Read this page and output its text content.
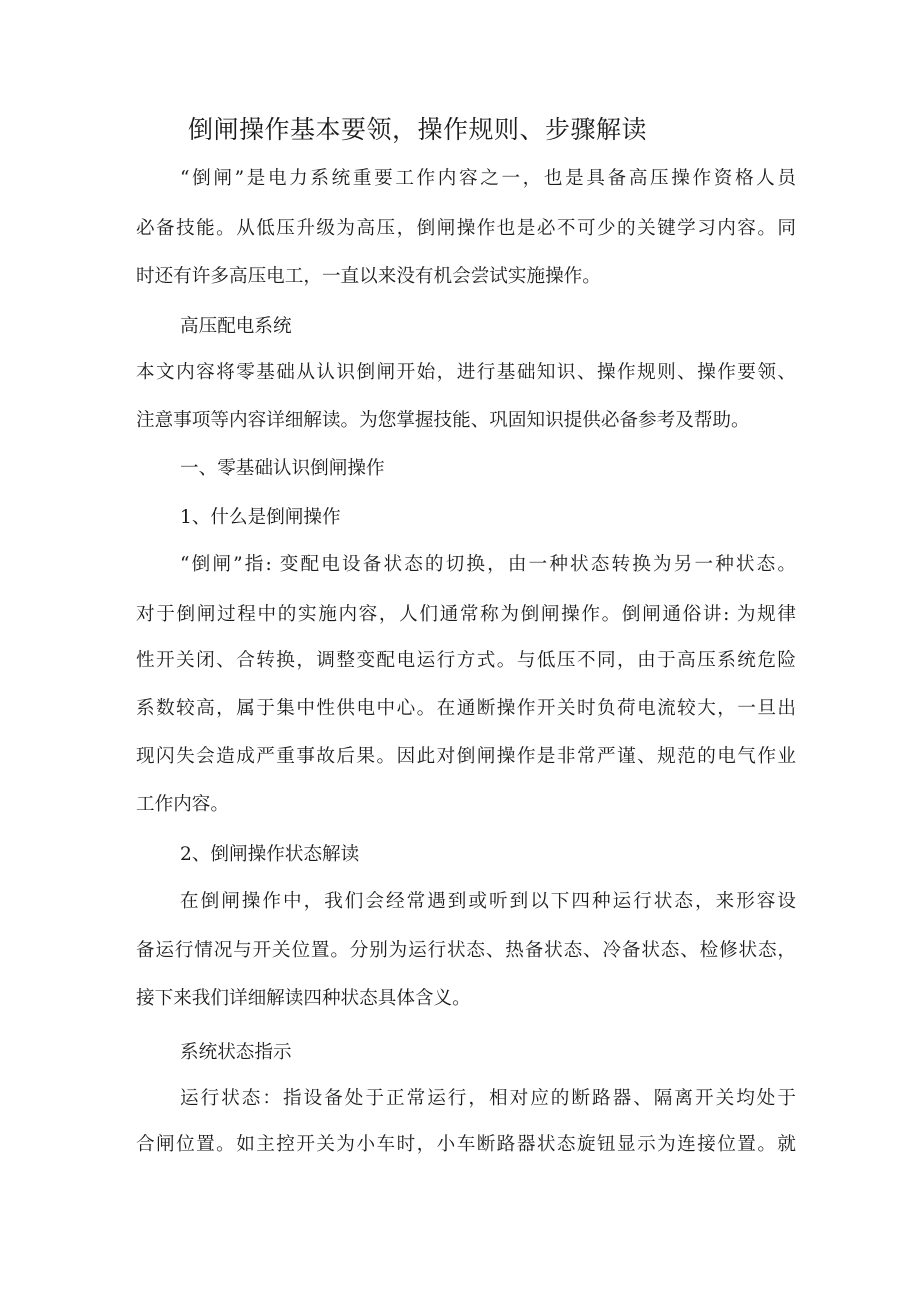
倒闸操作基本要领，操作规则、步骤解读
“倒闸”是电力系统重要工作内容之一，也是具备高压操作资格人员
必备技能。从低压升级为高压，倒闸操作也是必不可少的关键学习内容。同
时还有许多高压电工，一直以来没有机会尝试实施操作。
高压配电系统
本文内容将零基础从认识倒闸开始，进行基础知识、操作规则、操作要领、
注意事项等内容详细解读。为您掌握技能、巩固知识提供必备参考及帮助。
一、零基础认识倒闸操作
1、什么是倒闸操作
“倒闸”指: 变配电设备状态的切换，由一种状态转换为另一种状态。
对于倒闸过程中的实施内容，人们通常称为倒闸操作。倒闸通俗讲: 为规律
性开关闭、合转换，调整变配电运行方式。与低压不同，由于高压系统危险
系数较高，属于集中性供电中心。在通断操作开关时负荷电流较大，一旦出
现闪失会造成严重事故后果。因此对倒闸操作是非常严谨、规范的电气作业
工作内容。
2、倒闸操作状态解读
在倒闸操作中，我们会经常遇到或听到以下四种运行状态，来形容设
备运行情况与开关位置。分别为运行状态、热备状态、冷备状态、检修状态，
接下来我们详细解读四种状态具体含义。
系统状态指示
运行状态：指设备处于正常运行，相对应的断路器、隔离开关均处于
合闸位置。如主控开关为小车时，小车断路器状态旋钮显示为连接位置。就
